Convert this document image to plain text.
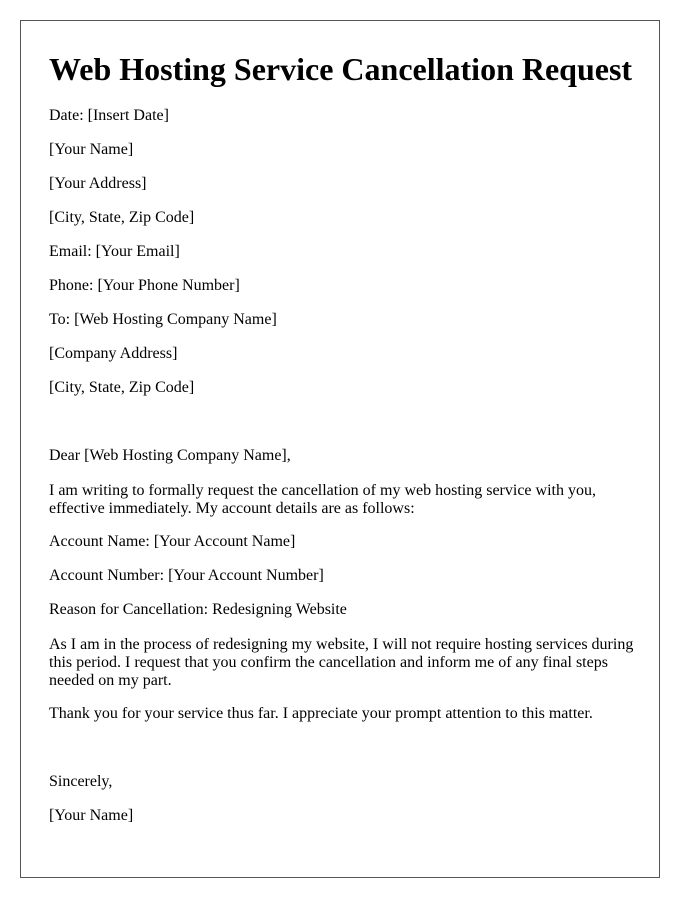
Web Hosting Service Cancellation Request

Date: [Insert Date]

[Your Name]

[Your Address]

[City, State, Zip Code]

Email: [Your Email]

Phone: [Your Phone Number]

To: [Web Hosting Company Name]

[Company Address]

[City, State, Zip Code]

Dear [Web Hosting Company Name],

I am writing to formally request the cancellation of my web hosting service with you, effective immediately. My account details are as follows:

Account Name: [Your Account Name]

Account Number: [Your Account Number]

Reason for Cancellation: Redesigning Website

As I am in the process of redesigning my website, I will not require hosting services during this period. I request that you confirm the cancellation and inform me of any final steps needed on my part.

Thank you for your service thus far. I appreciate your prompt attention to this matter.

Sincerely,

[Your Name]
